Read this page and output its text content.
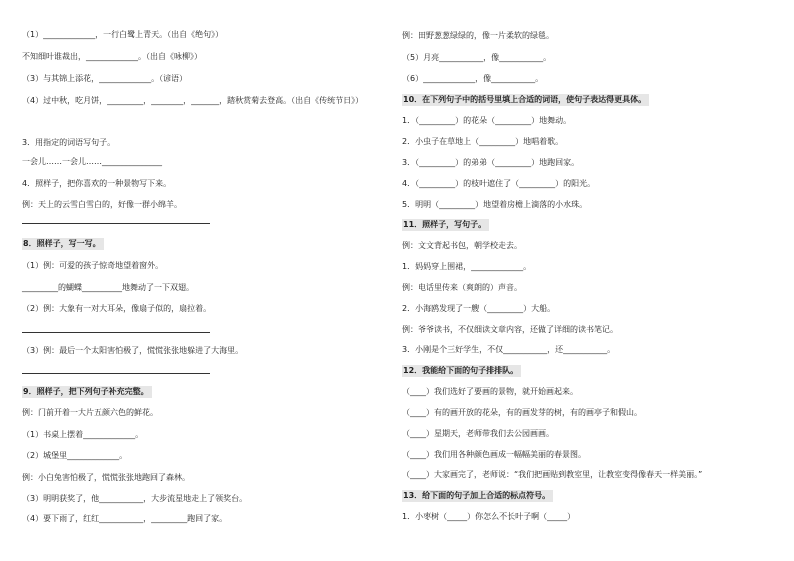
（1）_____________，一行白鹭上青天。（出自《绝句》）
不知细叶谁裁出，_____________。（出自《咏柳》）
（3）与其锦上添花，_____________。（谚语）
（4）过中秋，吃月饼，_________，________，_______，踏秋赏菊去登高。（出自《传统节日》）
3．用指定的词语写句子。
一会儿……一会儿……_______________
4．照样子，把你喜欢的一种景物写下来。
例：天上的云雪白雪白的，好像一群小绵羊。
8．照样子，写一写。
（1）例：可爱的孩子惊奇地望着窗外。
_________的蝴蝶__________地舞动了一下双翅。
（2）例：大象有一对大耳朵，像扇子似的，扇拉着。
（3）例：最后一个太阳害怕极了，慌慌张张地躲进了大海里。
9．照样子，把下列句子补充完整。
例：门前开着一大片五颜六色的鲜花。
（1）书桌上摆着_____________。
（2）城堡里_____________。
例：小白兔害怕极了，慌慌张张地跑回了森林。
（3）明明获奖了，他___________，大步流星地走上了领奖台。
（4）要下雨了，红红___________，_________跑回了家。
例：田野葱葱绿绿的，像一片柔软的绿毯。
（5）月亮___________，像___________。
（6）_____________，像___________。
10．在下列句子中的括号里填上合适的词语，使句子表达得更具体。
1．（_________）的花朵（_________）地舞动。
2．小虫子在草地上（_________）地唱着歌。
3．（_________）的弟弟（_________）地跑回家。
4．（_________）的枝叶遮住了（_________）的阳光。
5．明明（_________）地望着房檐上滴落的小水珠。
11．照样子，写句子。
例：文文背起书包，朝学校走去。
1．妈妈穿上围裙，_____________。
例：电话里传来（爽朗的）声音。
2．小海鸥发现了一艘（_________）大船。
例：爷爷读书，不仅细读文章内容，还做了详细的读书笔记。
3．小刚是个三好学生，不仅___________，还___________。
12．我能给下面的句子排排队。
（____）我们选好了要画的景物，就开始画起来。
（____）有的画开放的花朵，有的画发芽的树，有的画亭子和假山。
（____）星期天，老师带我们去公园画画。
（____）我们用各种颜色画成一幅幅美丽的春景图。
（____）大家画完了，老师说：“我们把画贴到教室里，让教室变得像春天一样美丽。”
13．给下面的句子加上合适的标点符号。
1．小枣树（_____）你怎么不长叶子啊（_____）
